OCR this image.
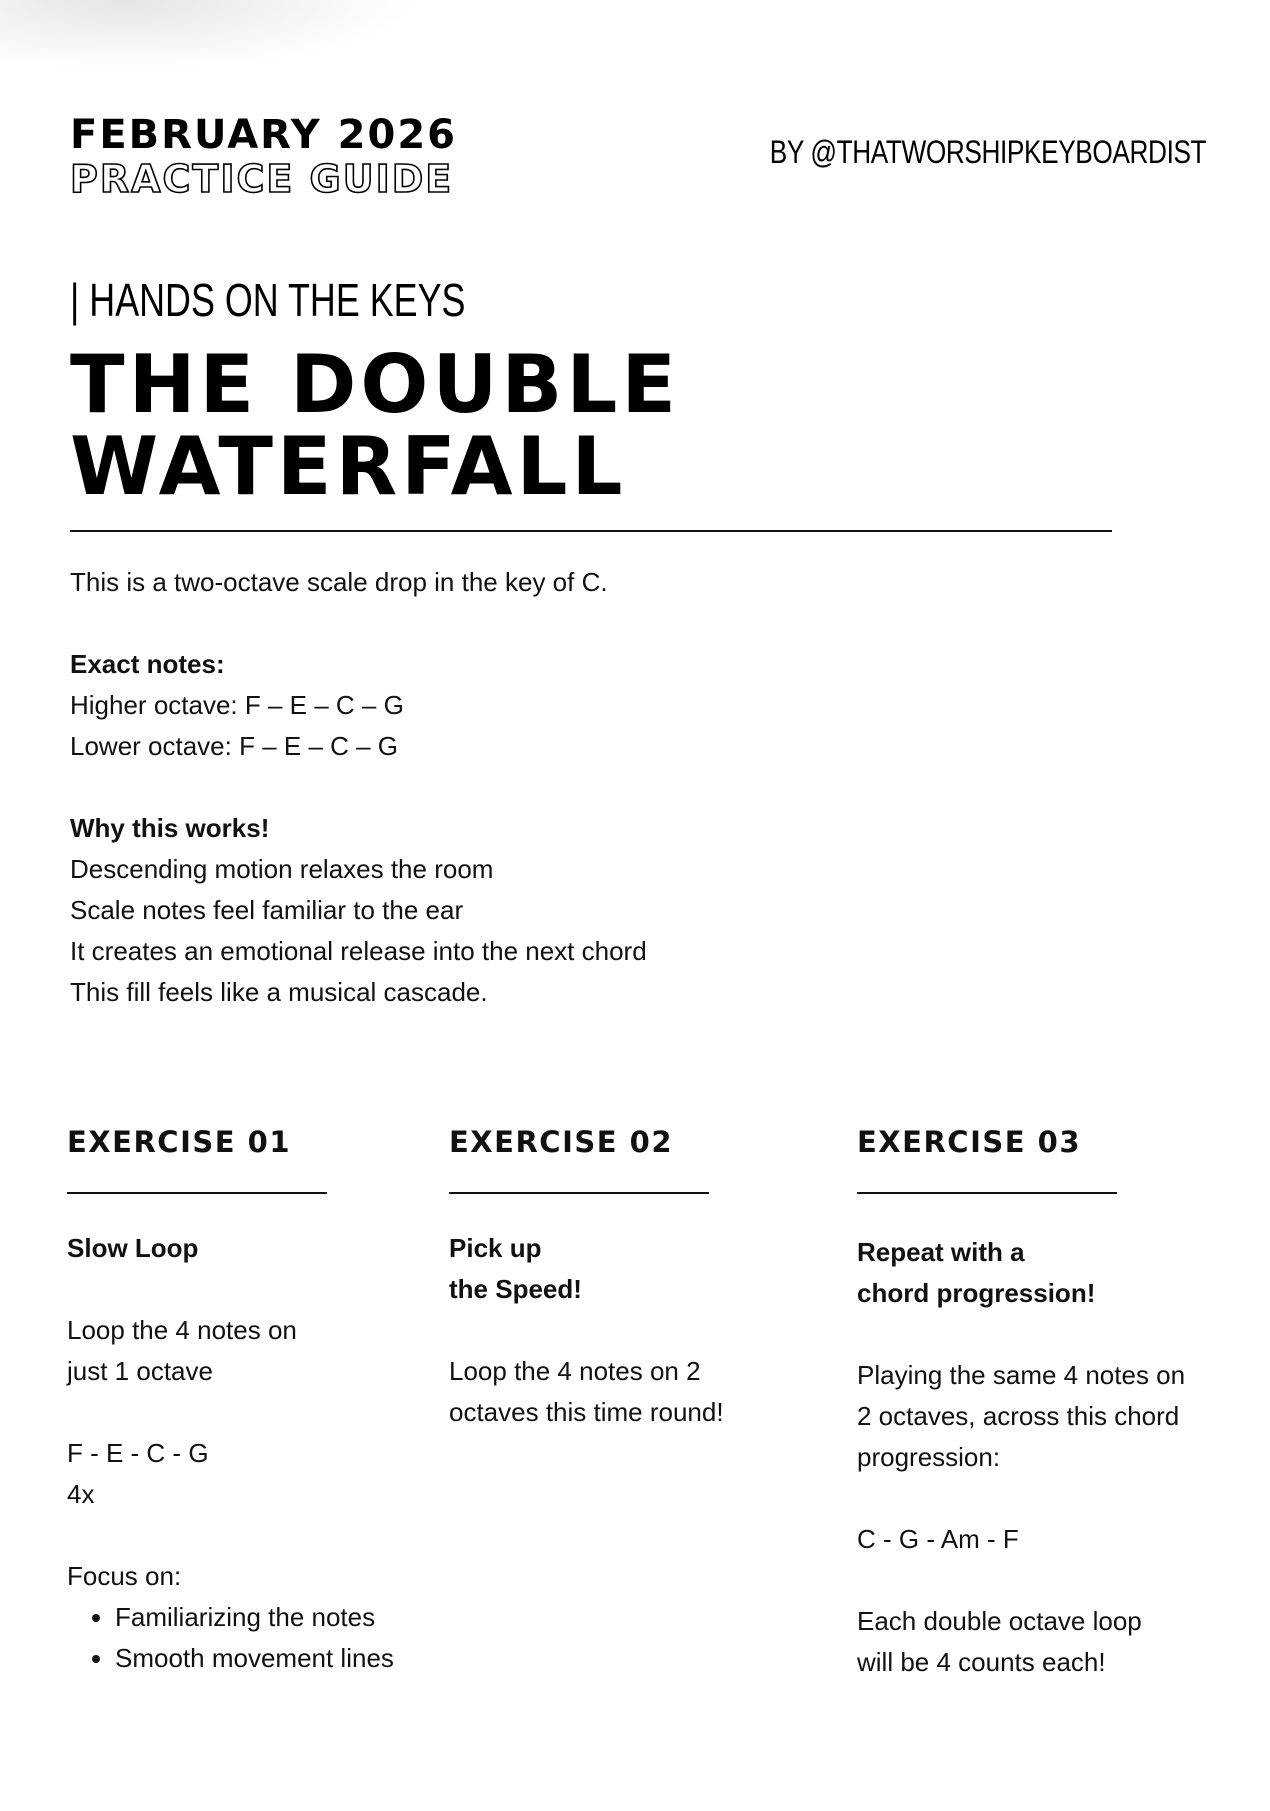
FEBRUARY 2026
PRACTICE GUIDE
BY @THATWORSHIPKEYBOARDIST
| HANDS ON THE KEYS
THE DOUBLE
WATERFALL
This is a two-octave scale drop in the key of C.
Exact notes:
Higher octave: F – E – C – G
Lower octave: F – E – C – G
Why this works!
Descending motion relaxes the room
Scale notes feel familiar to the ear
It creates an emotional release into the next chord
This fill feels like a musical cascade.
EXERCISE 01
Slow Loop
Loop the 4 notes on
just 1 octave
F - E - C - G
4x
Focus on:
• Familiarizing the notes
• Smooth movement lines
EXERCISE 02
Pick up
the Speed!
Loop the 4 notes on 2
octaves this time round!
EXERCISE 03
Repeat with a
chord progression!
Playing the same 4 notes on
2 octaves, across this chord
progression:
C - G - Am - F
Each double octave loop
will be 4 counts each!
